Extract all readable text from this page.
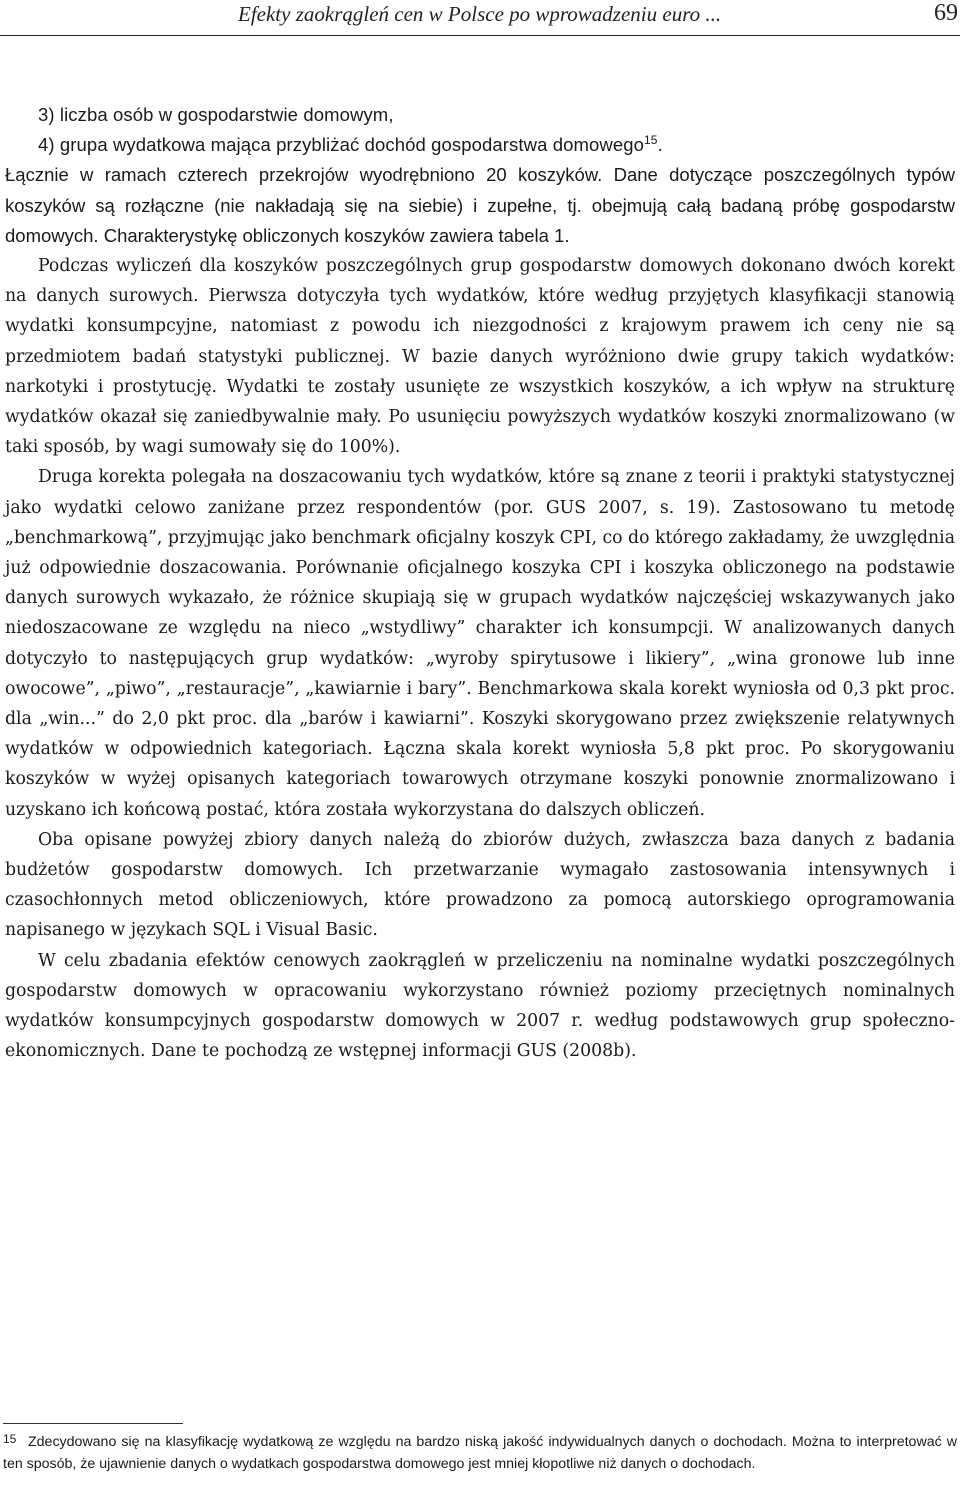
Efekty zaokrągleń cen w Polsce po wprowadzeniu euro ...	69

3) liczba osób w gospodarstwie domowym,

4) grupa wydatkowa mająca przybliżać dochód gospodarstwa domowego$^{15}$.

Łącznie w ramach czterech przekrojów wyodrębniono 20 koszyków. Dane dotyczące poszczególnych typów koszyków są rozłączne (nie nakładają się na siebie) i zupełne, tj. obejmują całą badaną próbę gospodarstw domowych. Charakterystykę obliczonych koszyków zawiera tabela 1.

Podczas wyliczeń dla koszyków poszczególnych grup gospodarstw domowych dokonano dwóch korekt na danych surowych. Pierwsza dotyczyła tych wydatków, które według przyjętych klasyfikacji stanowią wydatki konsumpcyjne, natomiast z powodu ich niezgodności z krajowym prawem ich ceny nie są przedmiotem badań statystyki publicznej. W bazie danych wyróżniono dwie grupy takich wydatków: narkotyki i prostytucję. Wydatki te zostały usunięte ze wszystkich koszyków, a ich wpływ na strukturę wydatków okazał się zaniedbywalnie mały. Po usunięciu powyższych wydatków koszyki znormalizowano (w taki sposób, by wagi sumowały się do 100%).

Druga korekta polegała na doszacowaniu tych wydatków, które są znane z teorii i praktyki statystycznej jako wydatki celowo zaniżane przez respondentów (por. GUS 2007, s. 19). Zastosowano tu metodę „benchmarkową”, przyjmując jako benchmark oficjalny koszyk CPI, co do którego zakładamy, że uwzględnia już odpowiednie doszacowania. Porównanie oficjalnego koszyka CPI i koszyka obliczonego na podstawie danych surowych wykazało, że różnice skupiają się w grupach wydatków najczęściej wskazywanych jako niedoszacowane ze względu na nieco „wstydliwy” charakter ich konsumpcji. W analizowanych danych dotyczyło to następujących grup wydatków: „wyroby spirytusowe i likiery”, „wina gronowe lub inne owocowe”, „piwo”, „restauracje”, „kawiarnie i bary”. Benchmarkowa skala korekt wyniosła od 0,3 pkt proc. dla „win...” do 2,0 pkt proc. dla „barów i kawiarni”. Koszyki skorygowano przez zwiększenie relatywnych wydatków w odpowiednich kategoriach. Łączna skala korekt wyniosła 5,8 pkt proc. Po skorygowaniu koszyków w wyżej opisanych kategoriach towarowych otrzymane koszyki ponownie znormalizowano i uzyskano ich końcową postać, która została wykorzystana do dalszych obliczeń.

Oba opisane powyżej zbiory danych należą do zbiorów dużych, zwłaszcza baza danych z badania budżetów gospodarstw domowych. Ich przetwarzanie wymagało zastosowania intensywnych i czasochłonnych metod obliczeniowych, które prowadzono za pomocą autorskiego oprogramowania napisanego w językach SQL i Visual Basic.

W celu zbadania efektów cenowych zaokrągleń w przeliczeniu na nominalne wydatki poszczególnych gospodarstw domowych w opracowaniu wykorzystano również poziomy przeciętnych nominalnych wydatków konsumpcyjnych gospodarstw domowych w 2007 r. według podstawowych grup społeczno-ekonomicznych. Dane te pochodzą ze wstępnej informacji GUS (2008b).

15 Zdecydowano się na klasyfikację wydatkową ze względu na bardzo niską jakość indywidualnych danych o dochodach. Można to interpretować w ten sposób, że ujawnienie danych o wydatkach gospodarstwa domowego jest mniej kłopotliwe niż danych o dochodach.
